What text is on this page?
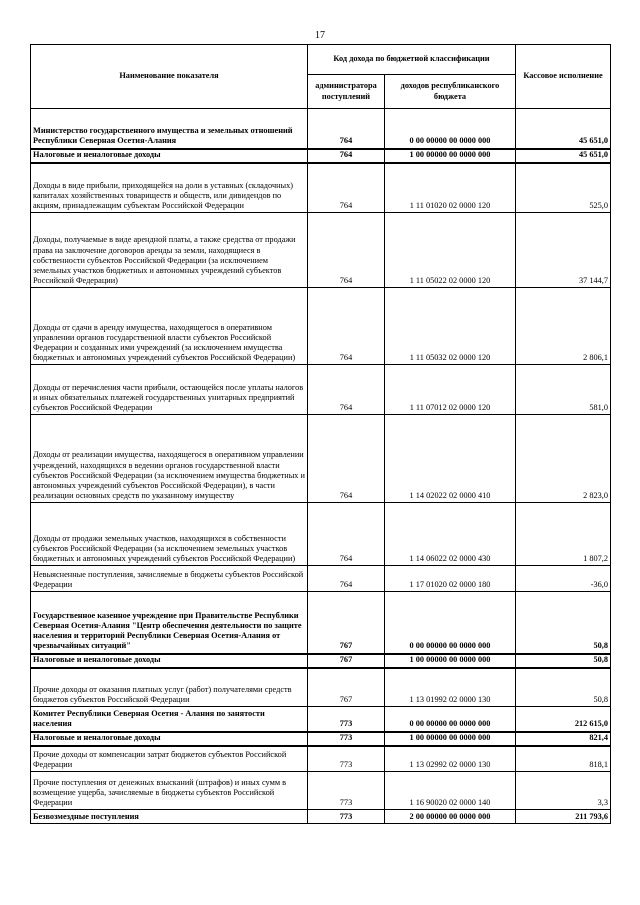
17
Наименование показателя	Код дохода по бюджетной классификации		Кассовое исполнение
	администратора поступлений	доходов республиканского бюджета	
Министерство государственного имущества и земельных отношений Республики Северная Осетия-Алания	764	0 00 00000 00 0000 000	45 651,0
Налоговые и неналоговые доходы	764	1 00 00000 00 0000 000	45 651,0
Доходы в виде прибыли, приходящейся на доли в уставных (складочных) капиталах хозяйственных товариществ и обществ, или дивидендов по акциям, принадлежащим субъектам Российской Федерации	764	1 11 01020 02 0000 120	525,0
Доходы, получаемые в виде арендной платы, а также средства от продажи права на заключение договоров аренды за земли, находящиеся в собственности субъектов Российской Федерации (за исключением земельных участков бюджетных и автономных учреждений субъектов Российской Федерации)	764	1 11 05022 02 0000 120	37 144,7
Доходы от сдачи в аренду имущества, находящегося в оперативном управлении органов государственной власти субъектов Российской Федерации и созданных ими учреждений (за исключением имущества бюджетных и автономных учреждений субъектов Российской Федерации)	764	1 11 05032 02 0000 120	2 806,1
Доходы от перечисления части прибыли, остающейся после уплаты налогов и иных обязательных платежей государственных унитарных предприятий субъектов Российской Федерации	764	1 11 07012 02 0000 120	581,0
Доходы от реализации имущества, находящегося в оперативном управлении учреждений, находящихся в ведении органов государственной власти субъектов Российской Федерации (за исключением имущества бюджетных и автономных учреждений субъектов Российской Федерации), в части реализации основных средств по указанному имуществу	764	1 14 02022 02 0000 410	2 823,0
Доходы от продажи земельных участков, находящихся в собственности субъектов Российской Федерации (за исключением земельных участков бюджетных и автономных учреждений субъектов Российской Федерации)	764	1 14 06022 02 0000 430	1 807,2
Невыясненные поступления, зачисляемые в бюджеты субъектов Российской Федерации	764	1 17 01020 02 0000 180	-36,0
Государственное казенное учреждение при Правительстве Республики Северная Осетия-Алания "Центр обеспечения деятельности по защите населения и территорий Республики Северная Осетия-Алания от чрезвычайных ситуаций"	767	0 00 00000 00 0000 000	50,8
Налоговые и неналоговые доходы	767	1 00 00000 00 0000 000	50,8
Прочие доходы от оказания платных услуг (работ) получателями средств бюджетов субъектов Российской Федерации	767	1 13 01992 02 0000 130	50,8
Комитет Республики Северная Осетия - Алания по занятости населения	773	0 00 00000 00 0000 000	212 615,0
Налоговые и неналоговые доходы	773	1 00 00000 00 0000 000	821,4
Прочие доходы от компенсации затрат бюджетов субъектов Российской Федерации	773	1 13 02992 02 0000 130	818,1
Прочие поступления от денежных взысканий (штрафов) и иных сумм в возмещение ущерба, зачисляемые в бюджеты субъектов Российской Федерации	773	1 16 90020 02 0000 140	3,3
Безвозмездные поступления	773	2 00 00000 00 0000 000	211 793,6
